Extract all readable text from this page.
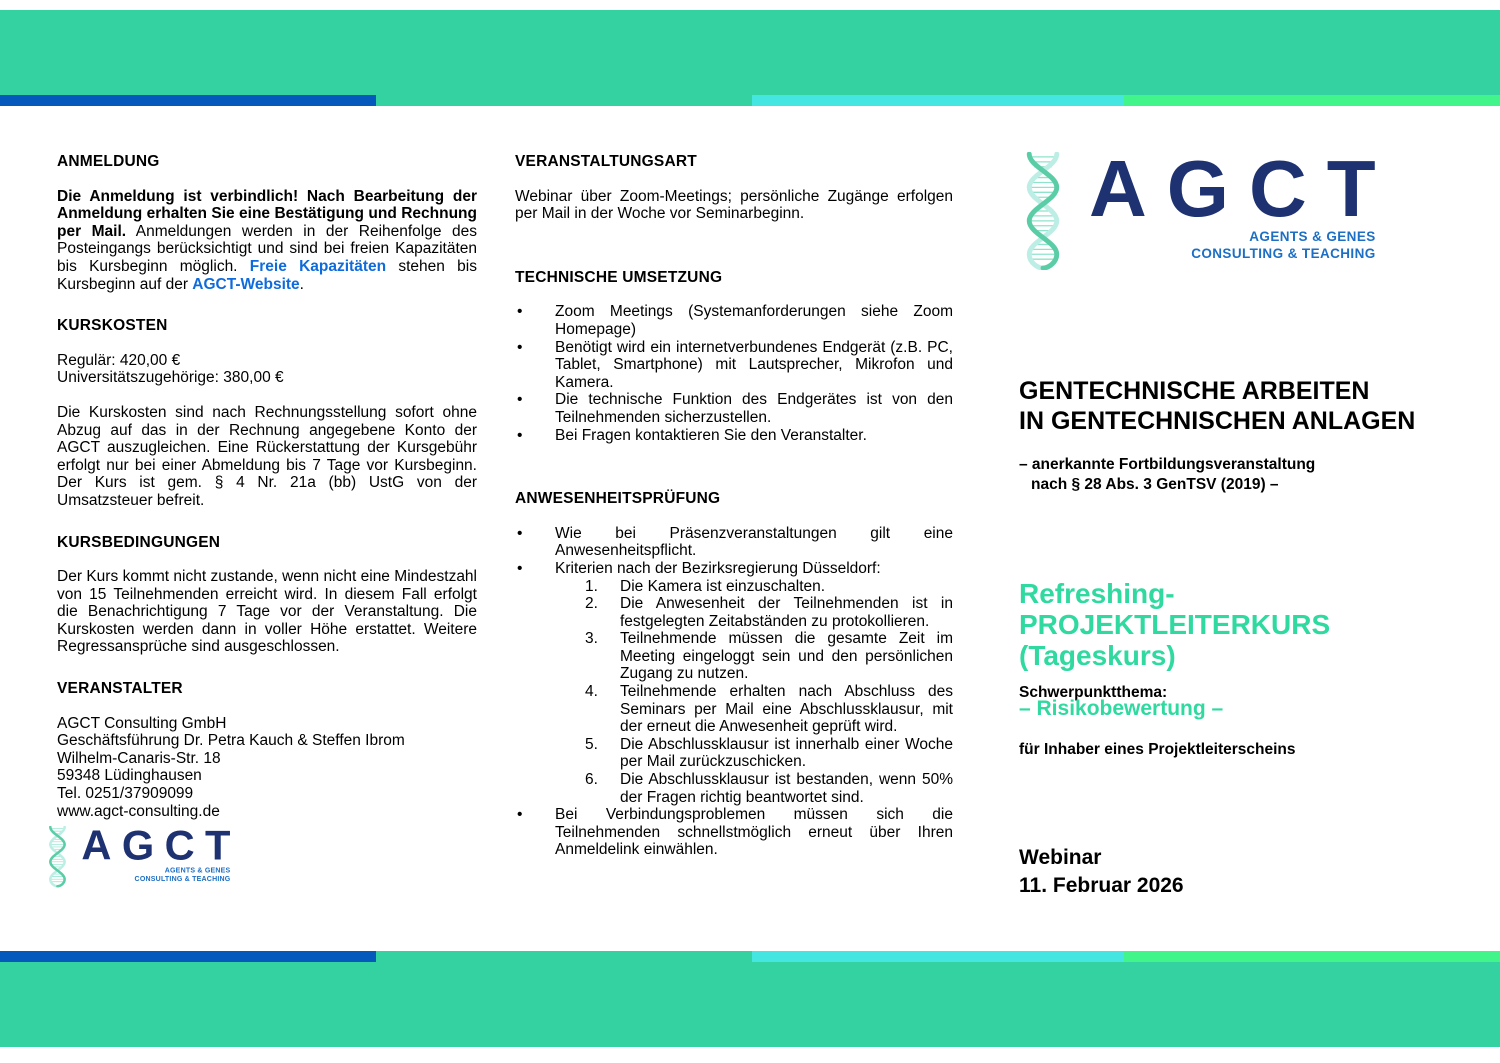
ANMELDUNG

Die Anmeldung ist verbindlich! Nach Bearbeitung der Anmeldung erhalten Sie eine Bestätigung und Rechnung per Mail. Anmeldungen werden in der Reihenfolge des Posteingangs berücksichtigt und sind bei freien Kapazitäten bis Kursbeginn möglich. Freie Kapazitäten stehen bis Kursbeginn auf der AGCT-Website.

KURSKOSTEN
Regulär: 420,00 €
Universitätszugehörige: 380,00 €

Die Kurskosten sind nach Rechnungsstellung sofort ohne Abzug auf das in der Rechnung angegebene Konto der AGCT auszugleichen. Eine Rückerstattung der Kursgebühr erfolgt nur bei einer Abmeldung bis 7 Tage vor Kursbeginn. Der Kurs ist gem. § 4 Nr. 21a (bb) UstG von der Umsatzsteuer befreit.

KURSBEDINGUNGEN

Der Kurs kommt nicht zustande, wenn nicht eine Mindestzahl von 15 Teilnehmenden erreicht wird. In diesem Fall erfolgt die Benachrichtigung 7 Tage vor der Veranstaltung. Die Kurskosten werden dann in voller Höhe erstattet. Weitere Regressansprüche sind ausgeschlossen.

VERANSTALTER
AGCT Consulting GmbH
Geschäftsführung Dr. Petra Kauch & Steffen Ibrom
Wilhelm-Canaris-Str. 18
59348 Lüdinghausen
Tel. 0251/37909099
www.agct-consulting.de
VERANSTALTUNGSART

Webinar über Zoom-Meetings; persönliche Zugänge erfolgen per Mail in der Woche vor Seminarbeginn.

TECHNISCHE UMSETZUNG
• Zoom Meetings (Systemanforderungen siehe Zoom Homepage)
• Benötigt wird ein internetverbundenes Endgerät (z.B. PC, Tablet, Smartphone) mit Lautsprecher, Mikrofon und Kamera.
• Die technische Funktion des Endgerätes ist von den Teilnehmenden sicherzustellen.
• Bei Fragen kontaktieren Sie den Veranstalter.
ANWESENHEITSPRÜFUNG
• Wie bei Präsenzveranstaltungen gilt eine Anwesenheitspflicht.
• Kriterien nach der Bezirksregierung Düsseldorf:
Die Kamera ist einzuschalten.
Die Anwesenheit der Teilnehmenden ist in festgelegten Zeitabständen zu protokollieren.
Teilnehmende müssen die gesamte Zeit im Meeting eingeloggt sein und den persönlichen Zugang zu nutzen.
Teilnehmende erhalten nach Abschluss des Seminars per Mail eine Abschlussklausur, mit der erneut die Anwesenheit geprüft wird.
Die Abschlussklausur ist innerhalb einer Woche per Mail zurückzuschicken.
Die Abschlussklausur ist bestanden, wenn 50% der Fragen richtig beantwortet sind.
• Bei Verbindungsproblemen müssen sich die Teilnehmenden schnellstmöglich erneut über Ihren Anmeldelink einwählen.
AGCT
AGENTS & GENES
CONSULTING & TEACHING
GENTECHNISCHE ARBEITEN
IN GENTECHNISCHEN ANLAGEN
– anerkannte Fortbildungsveranstaltung
nach § 28 Abs. 3 GenTSV (2019) –
Refreshing-
PROJEKTLEITERKURS
(Tageskurs)
Schwerpunktthema:
– Risikobewertung –
für Inhaber eines Projektleiterscheins
Webinar
11. Februar 2026
AGCT
AGENTS & GENES
CONSULTING & TEACHING
